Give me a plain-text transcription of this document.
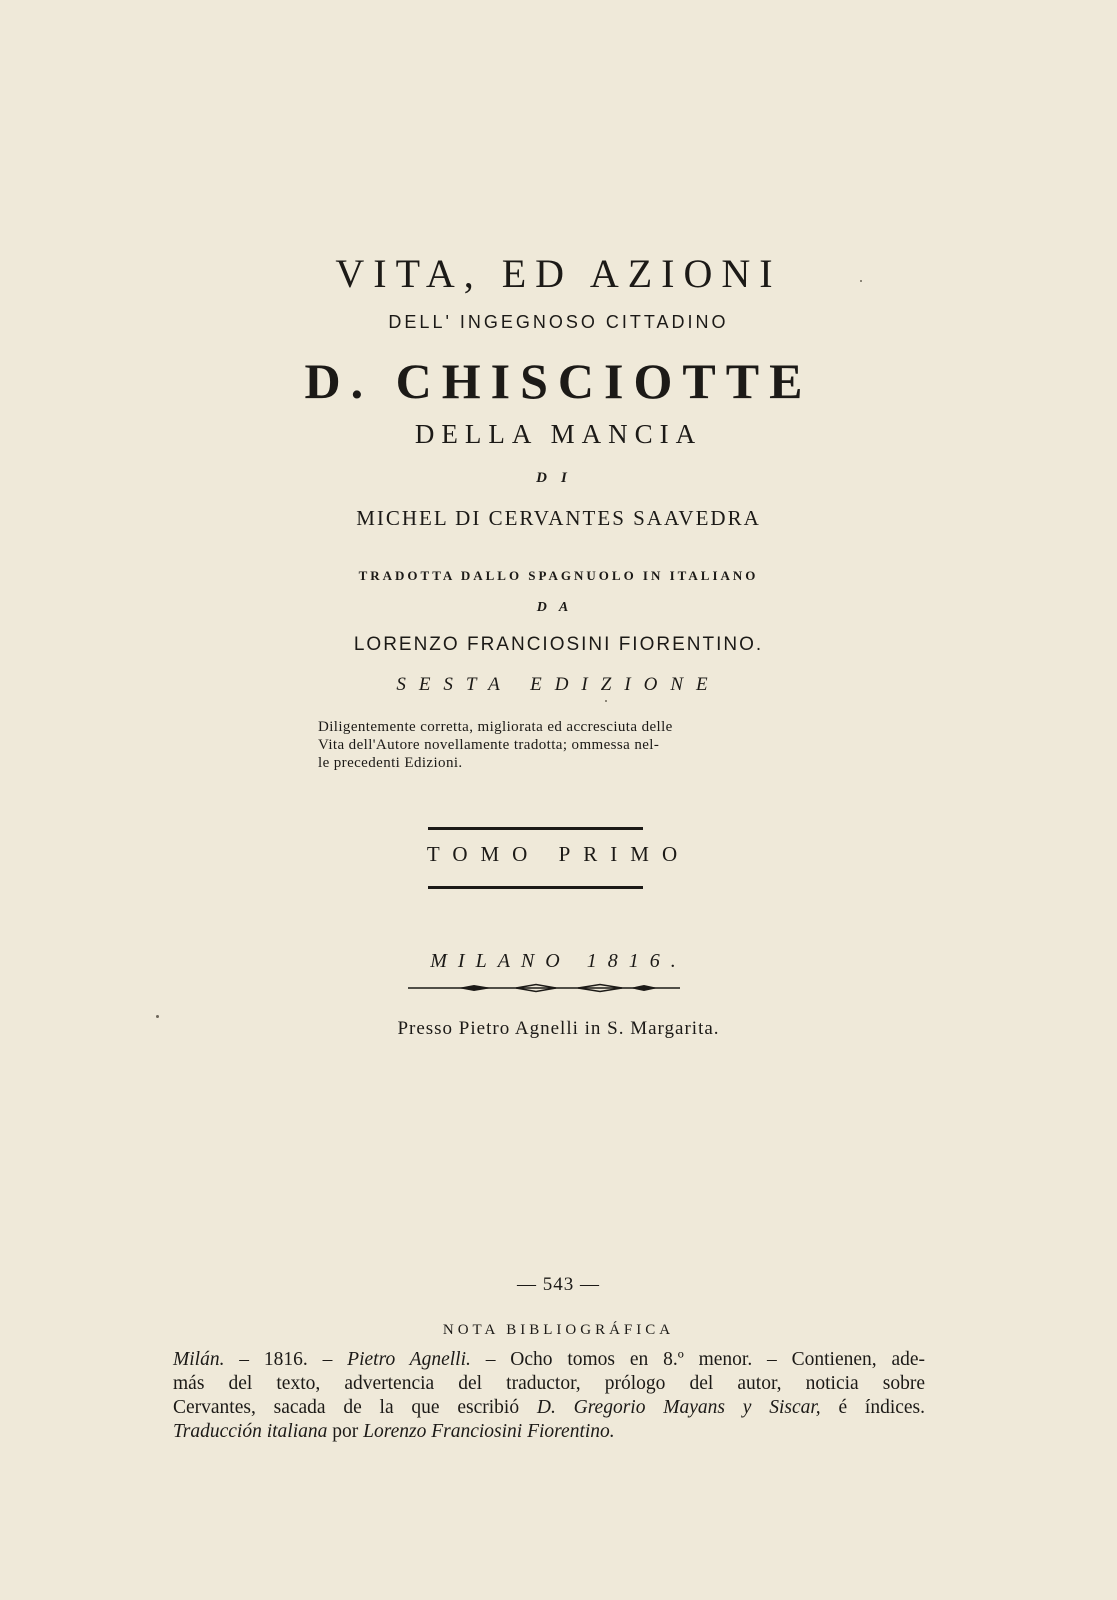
VITA, ED AZIONI
DELL' INGEGNOSO CITTADINO
D. CHISCIOTTE
DELLA MANCIA
DI
MICHEL DI CERVANTES SAAVEDRA
TRADOTTA DALLO SPAGNUOLO IN ITALIANO
DA
LORENZO FRANCIOSINI FIORENTINO.
SESTA EDIZIONE
Diligentemente corretta, migliorata ed accresciuta delle
Vita dell'Autore novellamente tradotta; ommessa nel-
le precedenti Edizioni.
TOMO PRIMO
MILANO 1816.
Presso Pietro Agnelli in S. Margarita.
— 543 —
NOTA BIBLIOGRÁFICA
Milán. – 1816. – Pietro Agnelli. – Ocho tomos en 8.º menor. – Contienen, ade-
más del texto, advertencia del traductor, prólogo del autor, noticia sobre
Cervantes, sacada de la que escribió D. Gregorio Mayans y Siscar, é índices.
Traducción italiana por Lorenzo Franciosini Fiorentino.
